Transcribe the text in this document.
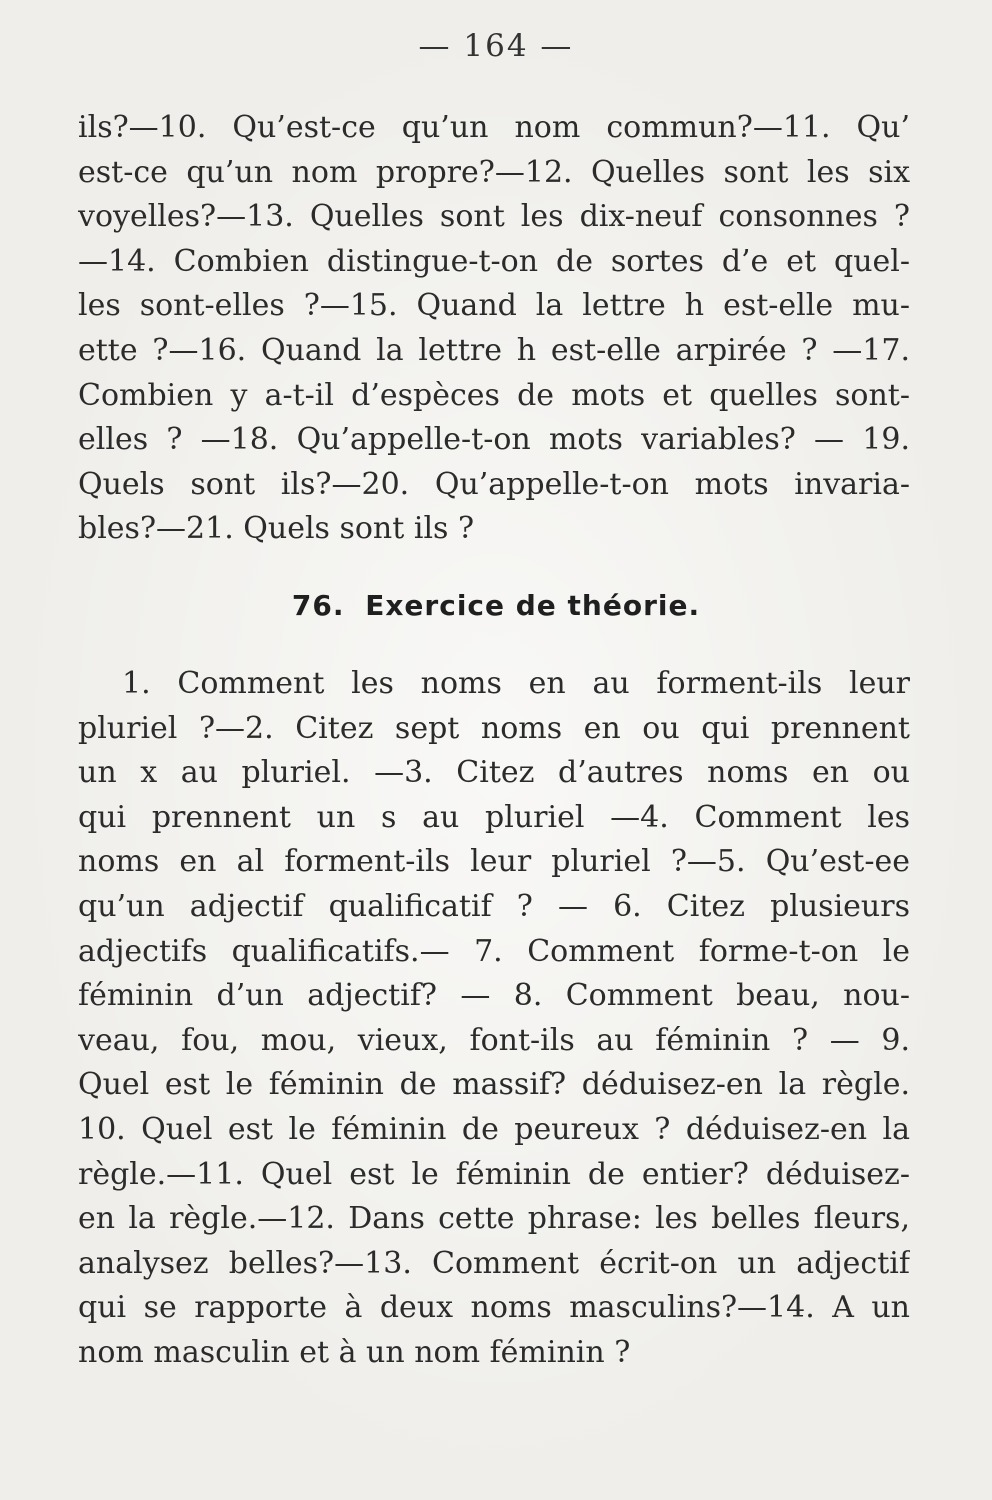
— 164 —
ils?—10. Qu’est-ce qu’un nom commun?—11. Qu’
est-ce qu’un nom propre?—12. Quelles sont les six
voyelles?—13. Quelles sont les dix-neuf consonnes ?
—14. Combien distingue-t-on de sortes d’e et quel-
les sont-elles ?—15. Quand la lettre h est-elle mu-
ette ?—16. Quand la lettre h est-elle arpirée ? —17.
Combien y a-t-il d’espèces de mots et quelles sont-
elles ? —18. Qu’appelle-t-on mots variables? — 19.
Quels sont ils?—20. Qu’appelle-t-on mots invaria-
bles?—21. Quels sont ils ?
76. Exercice de théorie.
1. Comment les noms en au forment-ils leur
pluriel ?—2. Citez sept noms en ou qui prennent
un x au pluriel. —3. Citez d’autres noms en ou
qui prennent un s au pluriel —4. Comment les
noms en al forment-ils leur pluriel ?—5. Qu’est-ee
qu’un adjectif qualificatif ? — 6. Citez plusieurs
adjectifs qualificatifs.— 7. Comment forme-t-on le
féminin d’un adjectif? — 8. Comment beau, nou-
veau, fou, mou, vieux, font-ils au féminin ? — 9.
Quel est le féminin de massif? déduisez-en la règle.
10. Quel est le féminin de peureux ? déduisez-en la
règle.—11. Quel est le féminin de entier? déduisez-
en la règle.—12. Dans cette phrase: les belles fleurs,
analysez belles?—13. Comment écrit-on un adjectif
qui se rapporte à deux noms masculins?—14. A un
nom masculin et à un nom féminin ?
